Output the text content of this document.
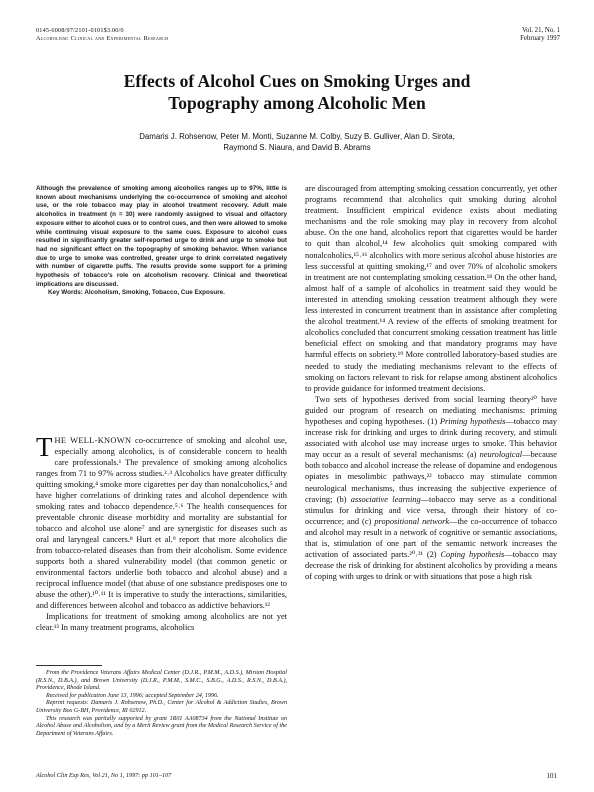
0145-6008/97/2101-0101$3.00/0
Alcoholism: Clinical and Experimental Research
Vol. 21, No. 1
February 1997
Effects of Alcohol Cues on Smoking Urges and
Topography among Alcoholic Men
Damaris J. Rohsenow, Peter M. Monti, Suzanne M. Colby, Suzy B. Gulliver, Alan D. Sirota,
Raymond S. Niaura, and David B. Abrams
Although the prevalence of smoking among alcoholics ranges up to 97%, little is known about mechanisms underlying the co-occurrence of smoking and alcohol use, or the role tobacco may play in alcohol treatment recovery. Adult male alcoholics in treatment (n = 30) were randomly assigned to visual and olfactory exposure either to alcohol cues or to control cues, and then were allowed to smoke while continuing visual exposure to the same cues. Exposure to alcohol cues resulted in significantly greater self-reported urge to drink and urge to smoke but had no significant effect on the topography of smoking behavior. When variance due to urge to smoke was controlled, greater urge to drink correlated negatively with number of cigarette puffs. The results provide some support for a priming hypothesis of tobacco's role on alcoholism recovery. Clinical and theoretical implications are discussed.
Key Words: Alcoholism, Smoking, Tobacco, Cue Exposure.

THE WELL-KNOWN co-occurrence of smoking and alcohol use, especially among alcoholics, is of considerable concern to health care professionals.¹ The prevalence of smoking among alcoholics ranges from 71 to 97% across studies.²˒³ Alcoholics have greater difficulty quitting smoking,⁴ smoke more cigarettes per day than nonalcoholics,⁵ and have higher correlations of drinking rates and alcohol dependence with smoking rates and tobacco dependence.⁵˒⁶ The health consequences for preventable chronic disease morbidity and mortality are substantial for tobacco and alcohol use alone⁷ and are synergistic for diseases such as oral and laryngeal cancers.⁸ Hurt et al.⁹ report that more alcoholics die from tobacco-related diseases than from their alcoholism. Some evidence supports both a shared vulnerability model (that common genetic or environmental factors underlie both tobacco and alcohol abuse) and a reciprocal influence model (that abuse of one substance predisposes one to abuse the other).¹⁰˒¹¹ It is imperative to study the interactions, similarities, and differences between alcohol and tobacco as addictive behaviors.¹²

Implications for treatment of smoking among alcoholics are not yet clear.¹³ In many treatment programs, alcoholics

are discouraged from attempting smoking cessation concurrently, yet other programs recommend that alcoholics quit smoking during alcohol treatment. Insufficient empirical evidence exists about mediating mechanisms and the role smoking may play in recovery from alcohol abuse. On the one hand, alcoholics report that cigarettes would be harder to quit than alcohol,¹⁴ few alcoholics quit smoking compared with nonalcoholics,¹⁵˒¹⁶ alcoholics with more serious alcohol abuse histories are less successful at quitting smoking,¹⁷ and over 70% of alcoholic smokers in treatment are not contemplating smoking cessation.¹⁸ On the other hand, almost half of a sample of alcoholics in treatment said they would be interested in attending smoking cessation treatment although they were less interested in concurrent treatment than in assistance after completing the alcohol treatment.¹⁴ A review of the effects of smoking treatment for alcoholics concluded that concurrent smoking cessation treatment has little beneficial effect on smoking and that mandatory programs may have harmful effects on sobriety.¹⁹ More controlled laboratory-based studies are needed to study the mediating mechanisms relevant to the effects of smoking on factors relevant to risk for relapse among abstinent alcoholics to provide guidance for informed treatment decisions.

Two sets of hypotheses derived from social learning theory²⁰ have guided our program of research on mediating mechanisms: priming hypotheses and coping hypotheses. (1) Priming hypothesis—tobacco may increase risk for drinking and urges to drink during recovery, and stimuli associated with alcohol use may increase urges to smoke. This behavior may occur as a result of several mechanisms: (a) neurological—because both tobacco and alcohol increase the release of dopamine and endogenous opiates in mesolimbic pathways,²² tobacco may stimulate common neurological mechanisms, thus increasing the subjective experience of craving; (b) associative learning—tobacco may serve as a conditional stimulus for drinking and vice versa, through their history of co-occurrence; and (c) propositional network—the co-occurrence of tobacco and alcohol may result in a network of cognitive or semantic associations, that is, stimulation of one part of the semantic network increases the activation of associated parts.²⁰˒²¹ (2) Coping hypothesis—tobacco may decrease the risk of drinking for abstinent alcoholics by providing a means of coping with urges to drink or with situations that pose a high risk

From the Providence Veterans Affairs Medical Center (D.J.R., P.M.M., A.D.S.), Miriam Hospital (R.S.N., D.B.A.), and Brown University (D.J.R., P.M.M., S.M.C., S.B.G., A.D.S., R.S.N., D.B.A.), Providence, Rhode Island.

Received for publication June 13, 1996; accepted September 24, 1996.

Reprint requests: Damaris J. Rohsenow, Ph.D., Center for Alcohol & Addiction Studies, Brown University Box G-BH, Providence, RI 02912.

This research was partially supported by grant 1R01 AA08734 from the National Institute on Alcohol Abuse and Alcoholism, and by a Merit Review grant from the Medical Research Service of the Department of Veterans Affairs.

Alcohol Clin Exp Res, Vol 21, No 1, 1997: pp 101–107	101
